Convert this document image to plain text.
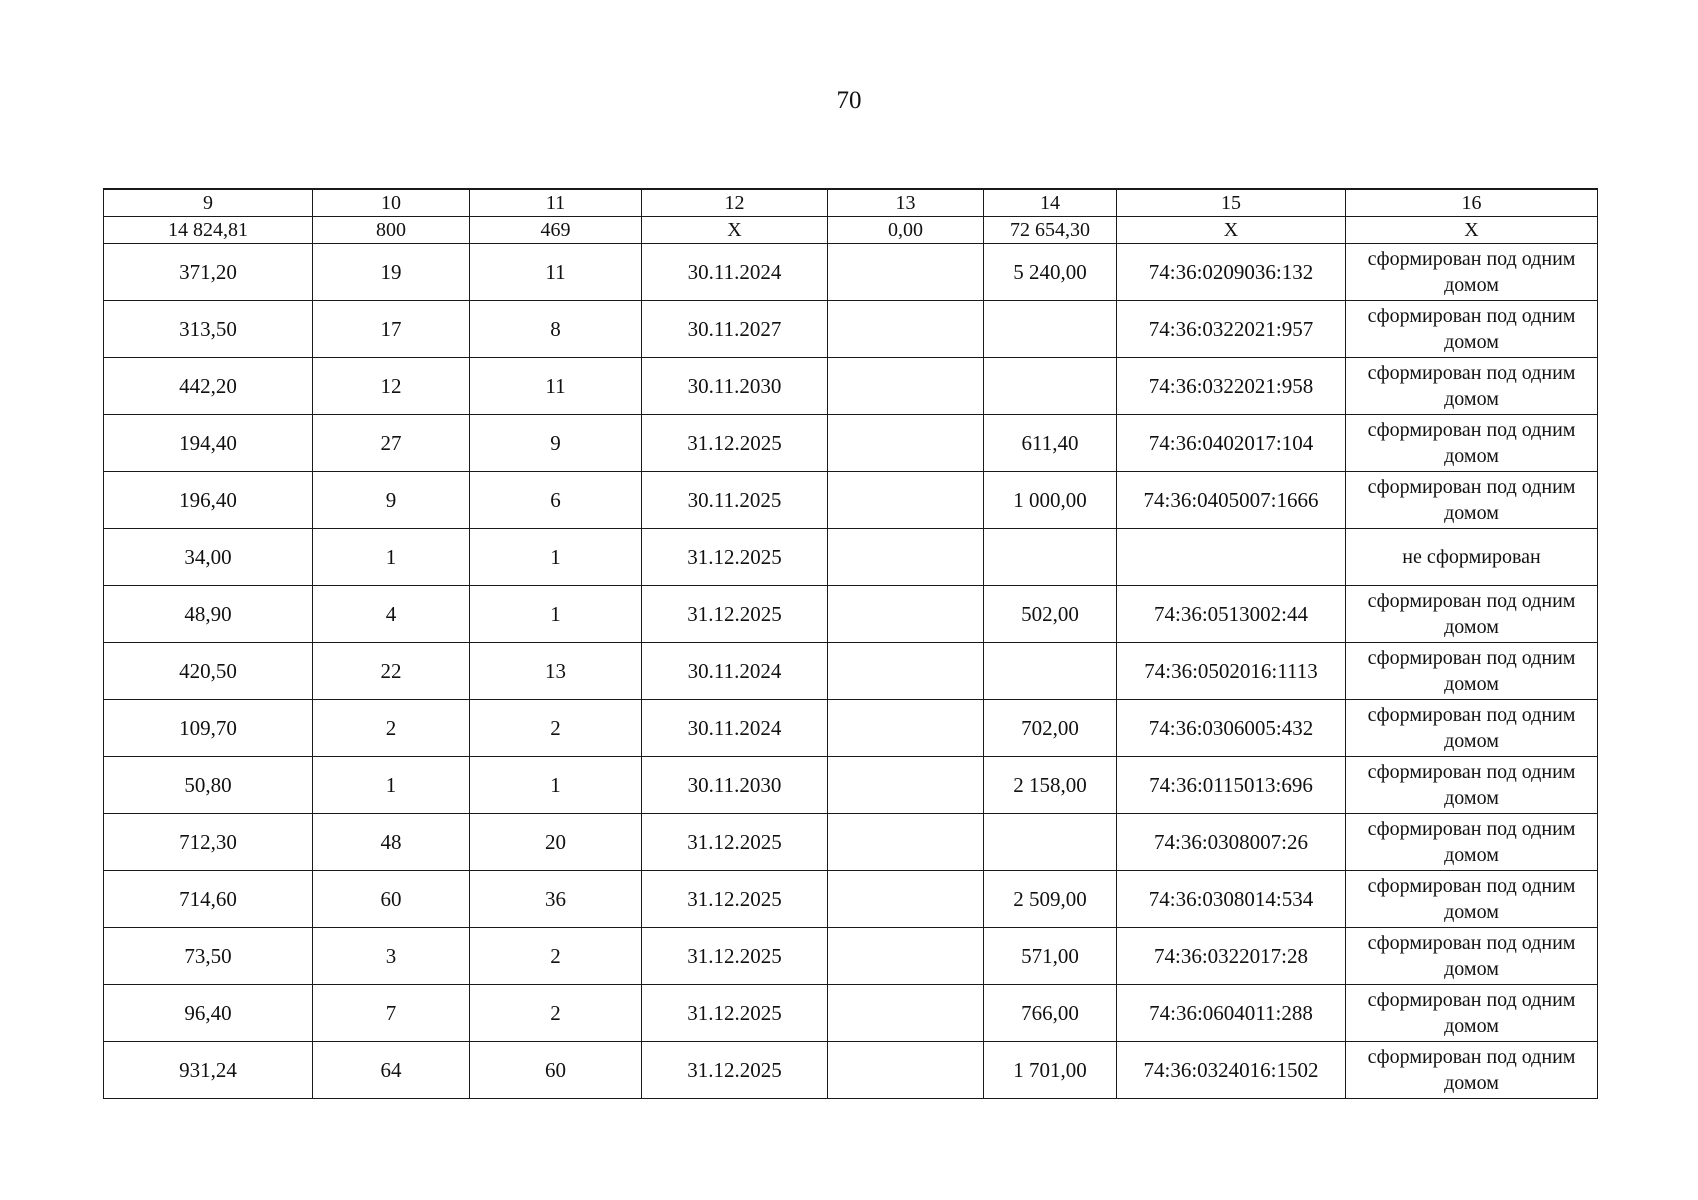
70
9	10	11	12	13	14	15	16
14 824,81	800	469	X	0,00	72 654,30	X	X
371,20	19	11	30.11.2024		5 240,00	74:36:0209036:132	сформирован под одним домом
313,50	17	8	30.11.2027			74:36:0322021:957	сформирован под одним домом
442,20	12	11	30.11.2030			74:36:0322021:958	сформирован под одним домом
194,40	27	9	31.12.2025		611,40	74:36:0402017:104	сформирован под одним домом
196,40	9	6	30.11.2025		1 000,00	74:36:0405007:1666	сформирован под одним домом
34,00	1	1	31.12.2025				не сформирован
48,90	4	1	31.12.2025		502,00	74:36:0513002:44	сформирован под одним домом
420,50	22	13	30.11.2024			74:36:0502016:1113	сформирован под одним домом
109,70	2	2	30.11.2024		702,00	74:36:0306005:432	сформирован под одним домом
50,80	1	1	30.11.2030		2 158,00	74:36:0115013:696	сформирован под одним домом
712,30	48	20	31.12.2025			74:36:0308007:26	сформирован под одним домом
714,60	60	36	31.12.2025		2 509,00	74:36:0308014:534	сформирован под одним домом
73,50	3	2	31.12.2025		571,00	74:36:0322017:28	сформирован под одним домом
96,40	7	2	31.12.2025		766,00	74:36:0604011:288	сформирован под одним домом
931,24	64	60	31.12.2025		1 701,00	74:36:0324016:1502	сформирован под одним домом
